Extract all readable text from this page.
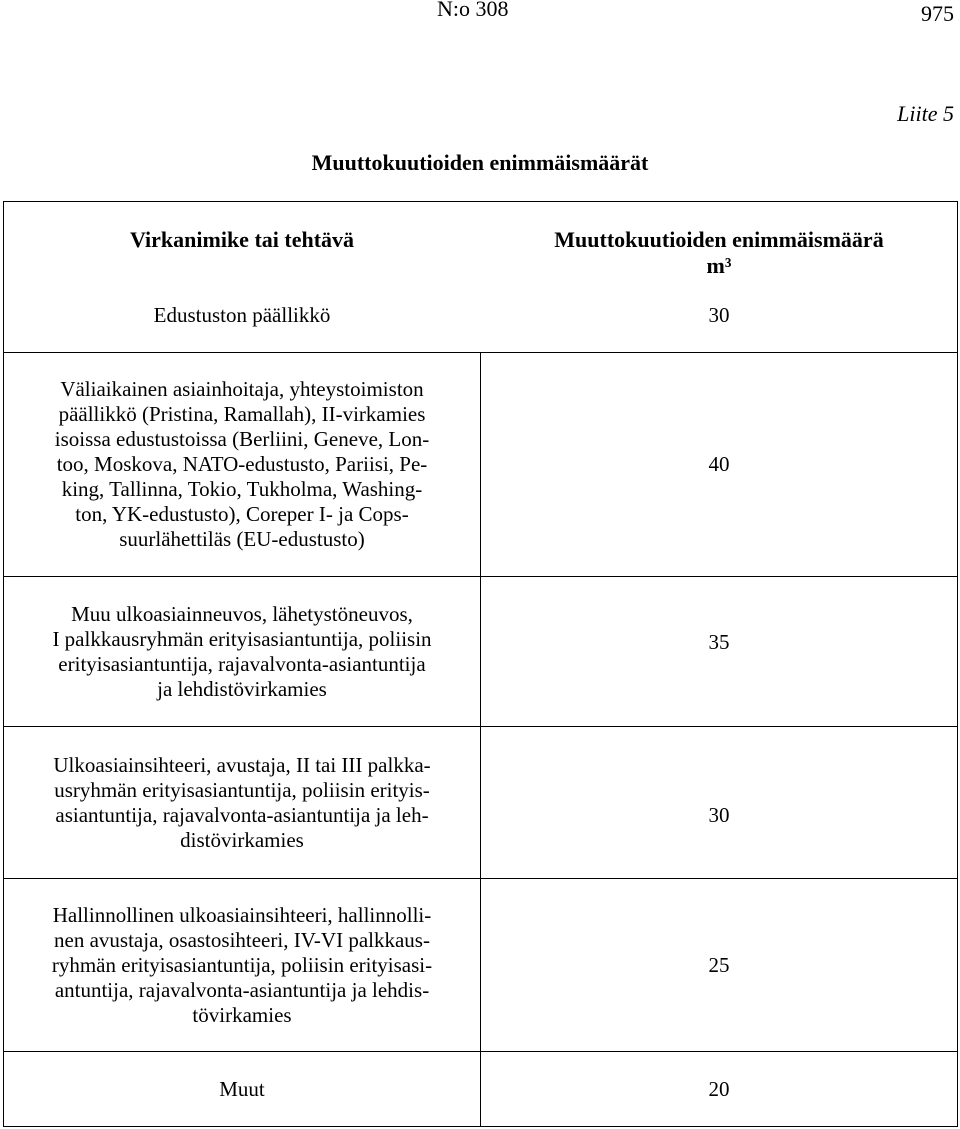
N:o 308	975
Liite 5
Muuttokuutioiden enimmäismäärät
Virkanimike tai tehtävä	Muuttokuutioiden enimmäismäärä
m³
Edustuston päällikkö	30
Väliaikainen asiainhoitaja, yhteystoimiston
päällikkö (Pristina, Ramallah), II-virkamies
isoissa edustustoissa (Berliini, Geneve, Lon-
too, Moskova, NATO-edustusto, Pariisi, Pe-
king, Tallinna, Tokio, Tukholma, Washing-
ton, YK-edustusto), Coreper I- ja Cops-
suurlähettiläs (EU-edustusto)
40
Muu ulkoasiainneuvos, lähetystöneuvos,
I palkkausryhmän erityisasiantuntija, poliisin
erityisasiantuntija, rajavalvonta-asiantuntija
ja lehdistövirkamies
35
Ulkoasiainsihteeri, avustaja, II tai III palkka-
usryhmän erityisasiantuntija, poliisin erityis-
asiantuntija, rajavalvonta-asiantuntija ja leh-
distövirkamies
30
Hallinnollinen ulkoasiainsihteeri, hallinnolli-
nen avustaja, osastosihteeri, IV-VI palkkaus-
ryhmän erityisasiantuntija, poliisin erityisasi-
antuntija, rajavalvonta-asiantuntija ja lehdis-
tövirkamies
25
Muut	20
